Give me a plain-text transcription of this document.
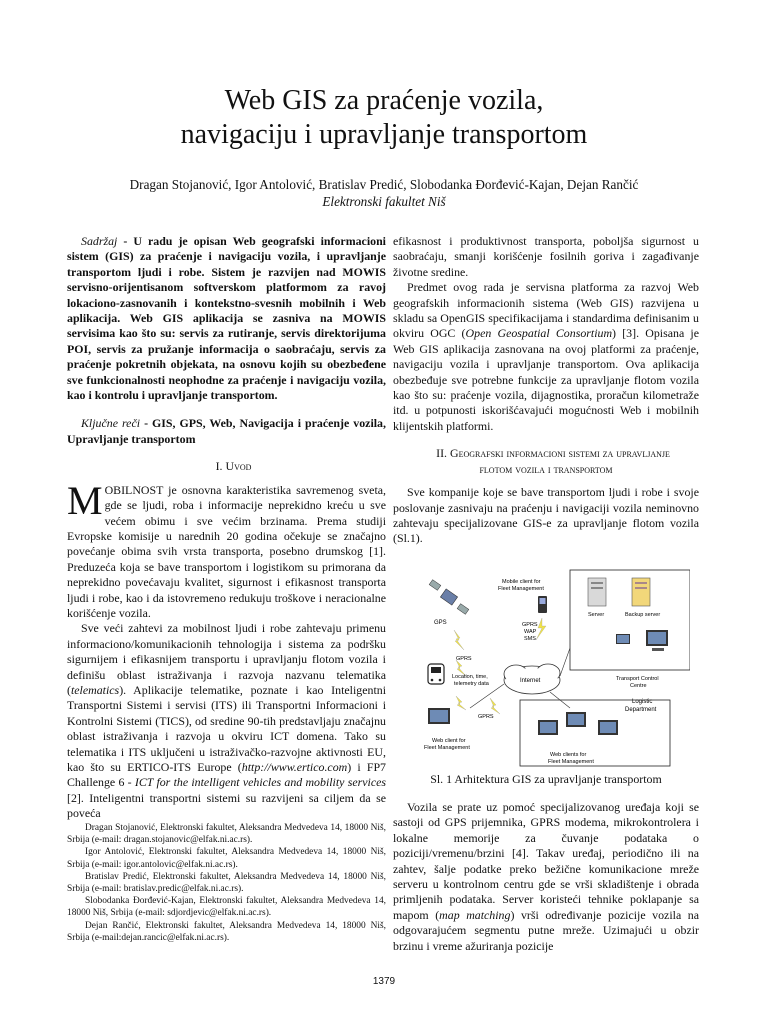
Web GIS za praćenje vozila,
navigaciju i upravljanje transportom
Dragan Stojanović, Igor Antolović, Bratislav Predić, Slobodanka Đorđević-Kajan, Dejan Rančić
Elektronski fakultet Niš

Sadržaj - U radu je opisan Web geografski informacioni sistem (GIS) za praćenje i navigaciju vozila, i upravljanje transportom ljudi i robe. Sistem je razvijen nad MOWIS servisno-orijentisanom softverskom platformom za ravoj lokaciono-zasnovanih i kontekstno-svesnih mobilnih i Web aplikacija. Web GIS aplikacija se zasniva na MOWIS servisima kao što su: servis za rutiranje, servis direktorijuma POI, servis za pružanje informacija o saobraćaju, servis za praćenje pokretnih objekata, na osnovu kojih su obezbeđene sve funkcionalnosti neophodne za praćenje i navigaciju vozila, kao i kontrolu i upravljanje transportom.

Ključne reči - GIS, GPS, Web, Navigacija i praćenje vozila, Upravljanje transportom

I. Uvod

MOBILNOST je osnovna karakteristika savremenog sveta, gde se ljudi, roba i informacije neprekidno kreću u sve većem obimu i sve većim brzinama. Prema studiji Evropske komisije u narednih 20 godina očekuje se značajno povećanje obima svih vrsta transporta, posebno drumskog [1]. Preduzeća koja se bave transportom i logistikom su primorana da neprekidno povećavaju kvalitet, sigurnost i efikasnost transporta ljudi i robe, kao i da istovremeno redukuju troškove i neracionalne korišćenje vozila.

Sve veći zahtevi za mobilnost ljudi i robe zahtevaju primenu informaciono/komunikacionih tehnologija i sistema za podršku sigurnijem i efikasnijem transportu i upravljanju flotom vozila i definišu oblast istraživanja i razvoja nazvanu telematika (telematics). Aplikacije telematike, poznate i kao Inteligentni Transportni Sistemi i servisi (ITS) ili Transportni Informacioni i Kontrolni Sistemi (TICS), od sredine 90-tih predstavljaju značajnu oblast istraživanja i razvoja u okviru ICT domena. Tako su telematika i ITS uključeni u istraživačko-razvojne aktivnosti EU, kao što su ERTICO-ITS Europe (http://www.ertico.com) i FP7 Challenge 6 - ICT for the intelligent vehicles and mobility services [2]. Inteligentni transportni sistemi su razvijeni sa ciljem da se poveća

Dragan Stojanović, Elektronski fakultet, Aleksandra Medvedeva 14, 18000 Niš, Srbija (e-mail: dragan.stojanovic@elfak.ni.ac.rs).

Igor Antolović, Elektronski fakultet, Aleksandra Medvedeva 14, 18000 Niš, Srbija (e-mail: igor.antolovic@elfak.ni.ac.rs).

Bratislav Predić, Elektronski fakultet, Aleksandra Medvedeva 14, 18000 Niš, Srbija (e-mail: bratislav.predic@elfak.ni.ac.rs).

Slobodanka Đorđević-Kajan, Elektronski fakultet, Aleksandra Medvedeva 14, 18000 Niš, Srbija (e-mail: sdjordjevic@elfak.ni.ac.rs).

Dejan Rančić, Elektronski fakultet, Aleksandra Medvedeva 14, 18000 Niš, Srbija (e-mail:dejan.rancic@elfak.ni.ac.rs).

efikasnost i produktivnost transporta, poboljša sigurnost u saobraćaju, smanji korišćenje fosilnih goriva i zagađivanje životne sredine.

Predmet ovog rada je servisna platforma za razvoj Web geografskih informacionih sistema (Web GIS) razvijena u skladu sa OpenGIS specifikacijama i standardima definisanim u okviru OGC (Open Geospatial Consortium) [3]. Opisana je Web GIS aplikacija zasnovana na ovoj platformi za praćenje, navigaciju vozila i upravljanje transportom. Ova aplikacija obezbeđuje sve potrebne funkcije za upravljanje flotom vozila kao što su: praćenje vozila, dijagnostika, proračun kilometraže itd. u potpunosti iskorišćavajući mogućnosti Web i mobilnih klijentskih platformi.

II. Geografski informacioni sistemi za upravljanje
flotom vozila i transportom

Sve kompanije koje se bave transportom ljudi i robe i svoje poslovanje zasnivaju na praćenju i navigaciji vozila neminovno zahtevaju specijalizovane GIS-e za upravljanje flotom vozila (Sl.1).

GPS
Mobile client for
Fleet Management
GPRS
WAP
SMS
GPRS
Location, time,
telemetry data	Internet
Server	Backup server
Transport Control
Centre
Logistic
Department
Web clients for
Fleet Management
GPRS
Web client for
Fleet Management
Sl. 1 Arhitektura GIS za upravljanje transportom

Vozila se prate uz pomoć specijalizovanog uređaja koji se sastoji od GPS prijemnika, GPRS modema, mikrokontrolera i lokalne memorije za čuvanje podataka o poziciji/vremenu/brzini [4]. Takav uređaj, periodično ili na zahtev, šalje podatke preko bežične komunikacione mreže serveru u kontrolnom centru gde se vrši skladištenje i obrada primljenih podataka. Server koristeći tehnike poklapanje sa mapom (map matching) vrši određivanje pozicije vozila na odgovarajućem segmentu putne mreže. Uzimajući u obzir brzinu i vreme ažuriranja pozicije

1379
